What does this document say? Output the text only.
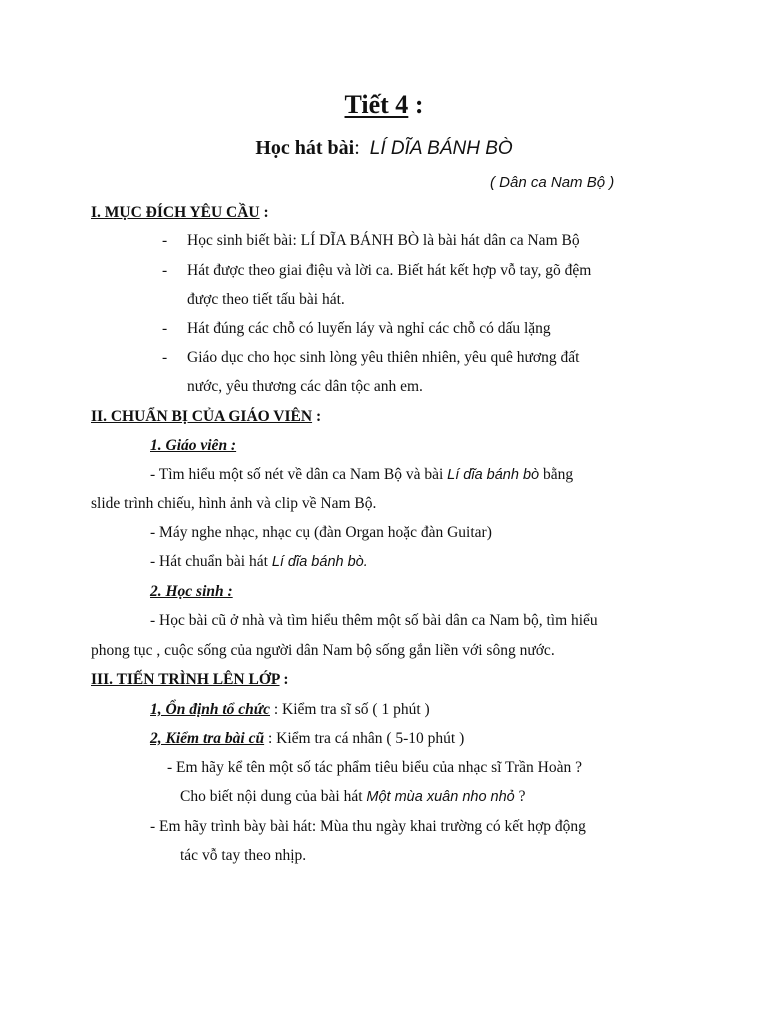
Tiết 4 :
Học hát bài: LÍ DĨA BÁNH BÒ
( Dân ca Nam Bộ )
I. MỤC ĐÍCH YÊU CẦU :
- Học sinh biết bài: LÍ DĨA BÁNH BÒ là bài hát dân ca Nam Bộ
- Hát được theo giai điệu và lời ca. Biết hát kết hợp vỗ tay, gõ đệm
được theo tiết tấu bài hát.
- Hát đúng các chỗ có luyến láy và nghỉ các chỗ có dấu lặng
- Giáo dục cho học sinh lòng yêu thiên nhiên, yêu quê hương đất
nước, yêu thương các dân tộc anh em.
II. CHUẨN BỊ CỦA GIÁO VIÊN :
1. Giáo viên :
- Tìm hiểu một số nét về dân ca Nam Bộ và bài Lí dĩa bánh bò bằng
slide trình chiếu, hình ảnh và clip về Nam Bộ.
- Máy nghe nhạc, nhạc cụ (đàn Organ hoặc đàn Guitar)
- Hát chuẩn bài hát Lí dĩa bánh bò.
2. Học sinh :
- Học bài cũ ở nhà và tìm hiểu thêm một số bài dân ca Nam bộ, tìm hiểu
phong tục , cuộc sống của người dân Nam bộ sống gắn liền với sông nước.
III. TIẾN TRÌNH LÊN LỚP :
1, Ổn định tổ chức : Kiểm tra sĩ số ( 1 phút )
2, Kiểm tra bài cũ : Kiểm tra cá nhân ( 5-10 phút )
- Em hãy kể tên một số tác phẩm tiêu biểu của nhạc sĩ Trần Hoàn ?
Cho biết nội dung của bài hát Một mùa xuân nho nhỏ ?
- Em hãy trình bày bài hát: Mùa thu ngày khai trường có kết hợp động
tác vỗ tay theo nhịp.
